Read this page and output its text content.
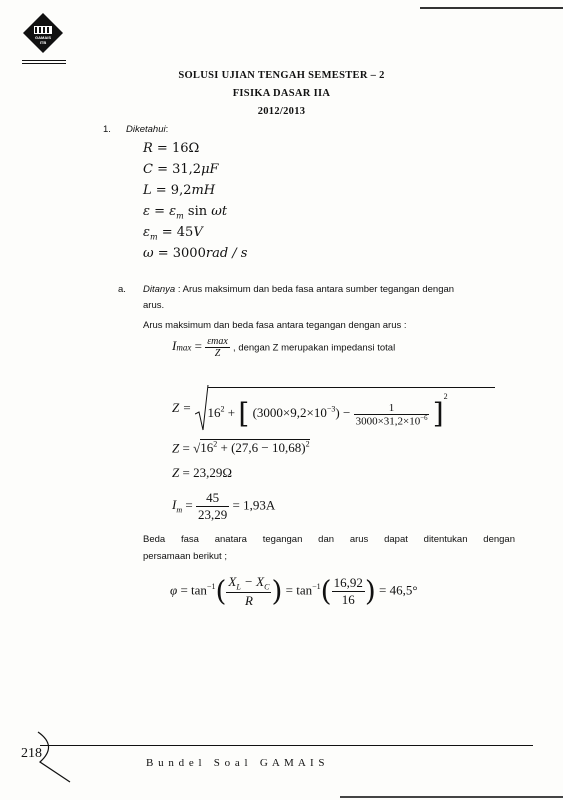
GAMAIS
ITB
SOLUSI UJIAN TENGAH SEMESTER – 2
FISIKA DASAR IIA
2012/2013
1. Diketahui:
R = 16Ω
C = 31,2μF
L = 9,2mH
$\varepsilon = \varepsilon_m$ sin ωt
$\varepsilon_m = 45V$
ω = 3000rad / s
a. Ditanya : Arus maksimum dan beda fasa antara sumber tegangan dengan
arus.
Arus maksimum dan beda fasa antara tegangan dengan arus :
$Imax = \frac{\varepsilon\max}{Z}$ , dengan Z merupakan impedansi total
$Z = 16^2$ + [ $(3000\times 9,2\times 10^{-3}) - \frac{1}{3000\times 31,2\times 10^{-6}} ]^2$
$Z = √16^2 + (27,6 - 10,68)^2$
Z = 23,29Ω
$I_m = \frac{45}{23,29} = 1,93A$
Beda fasa anatara tegangan dan arus dapat ditentukan dengan
persamaan berikut ;
$\varphi = \tan^{-1}( \frac{X_L - X_C}{R}$ ) = $\tan^{-1}( \frac{16,92}{16}$ ) = 46,5°
218
B u n d e l   S o a l   G A M A I S
